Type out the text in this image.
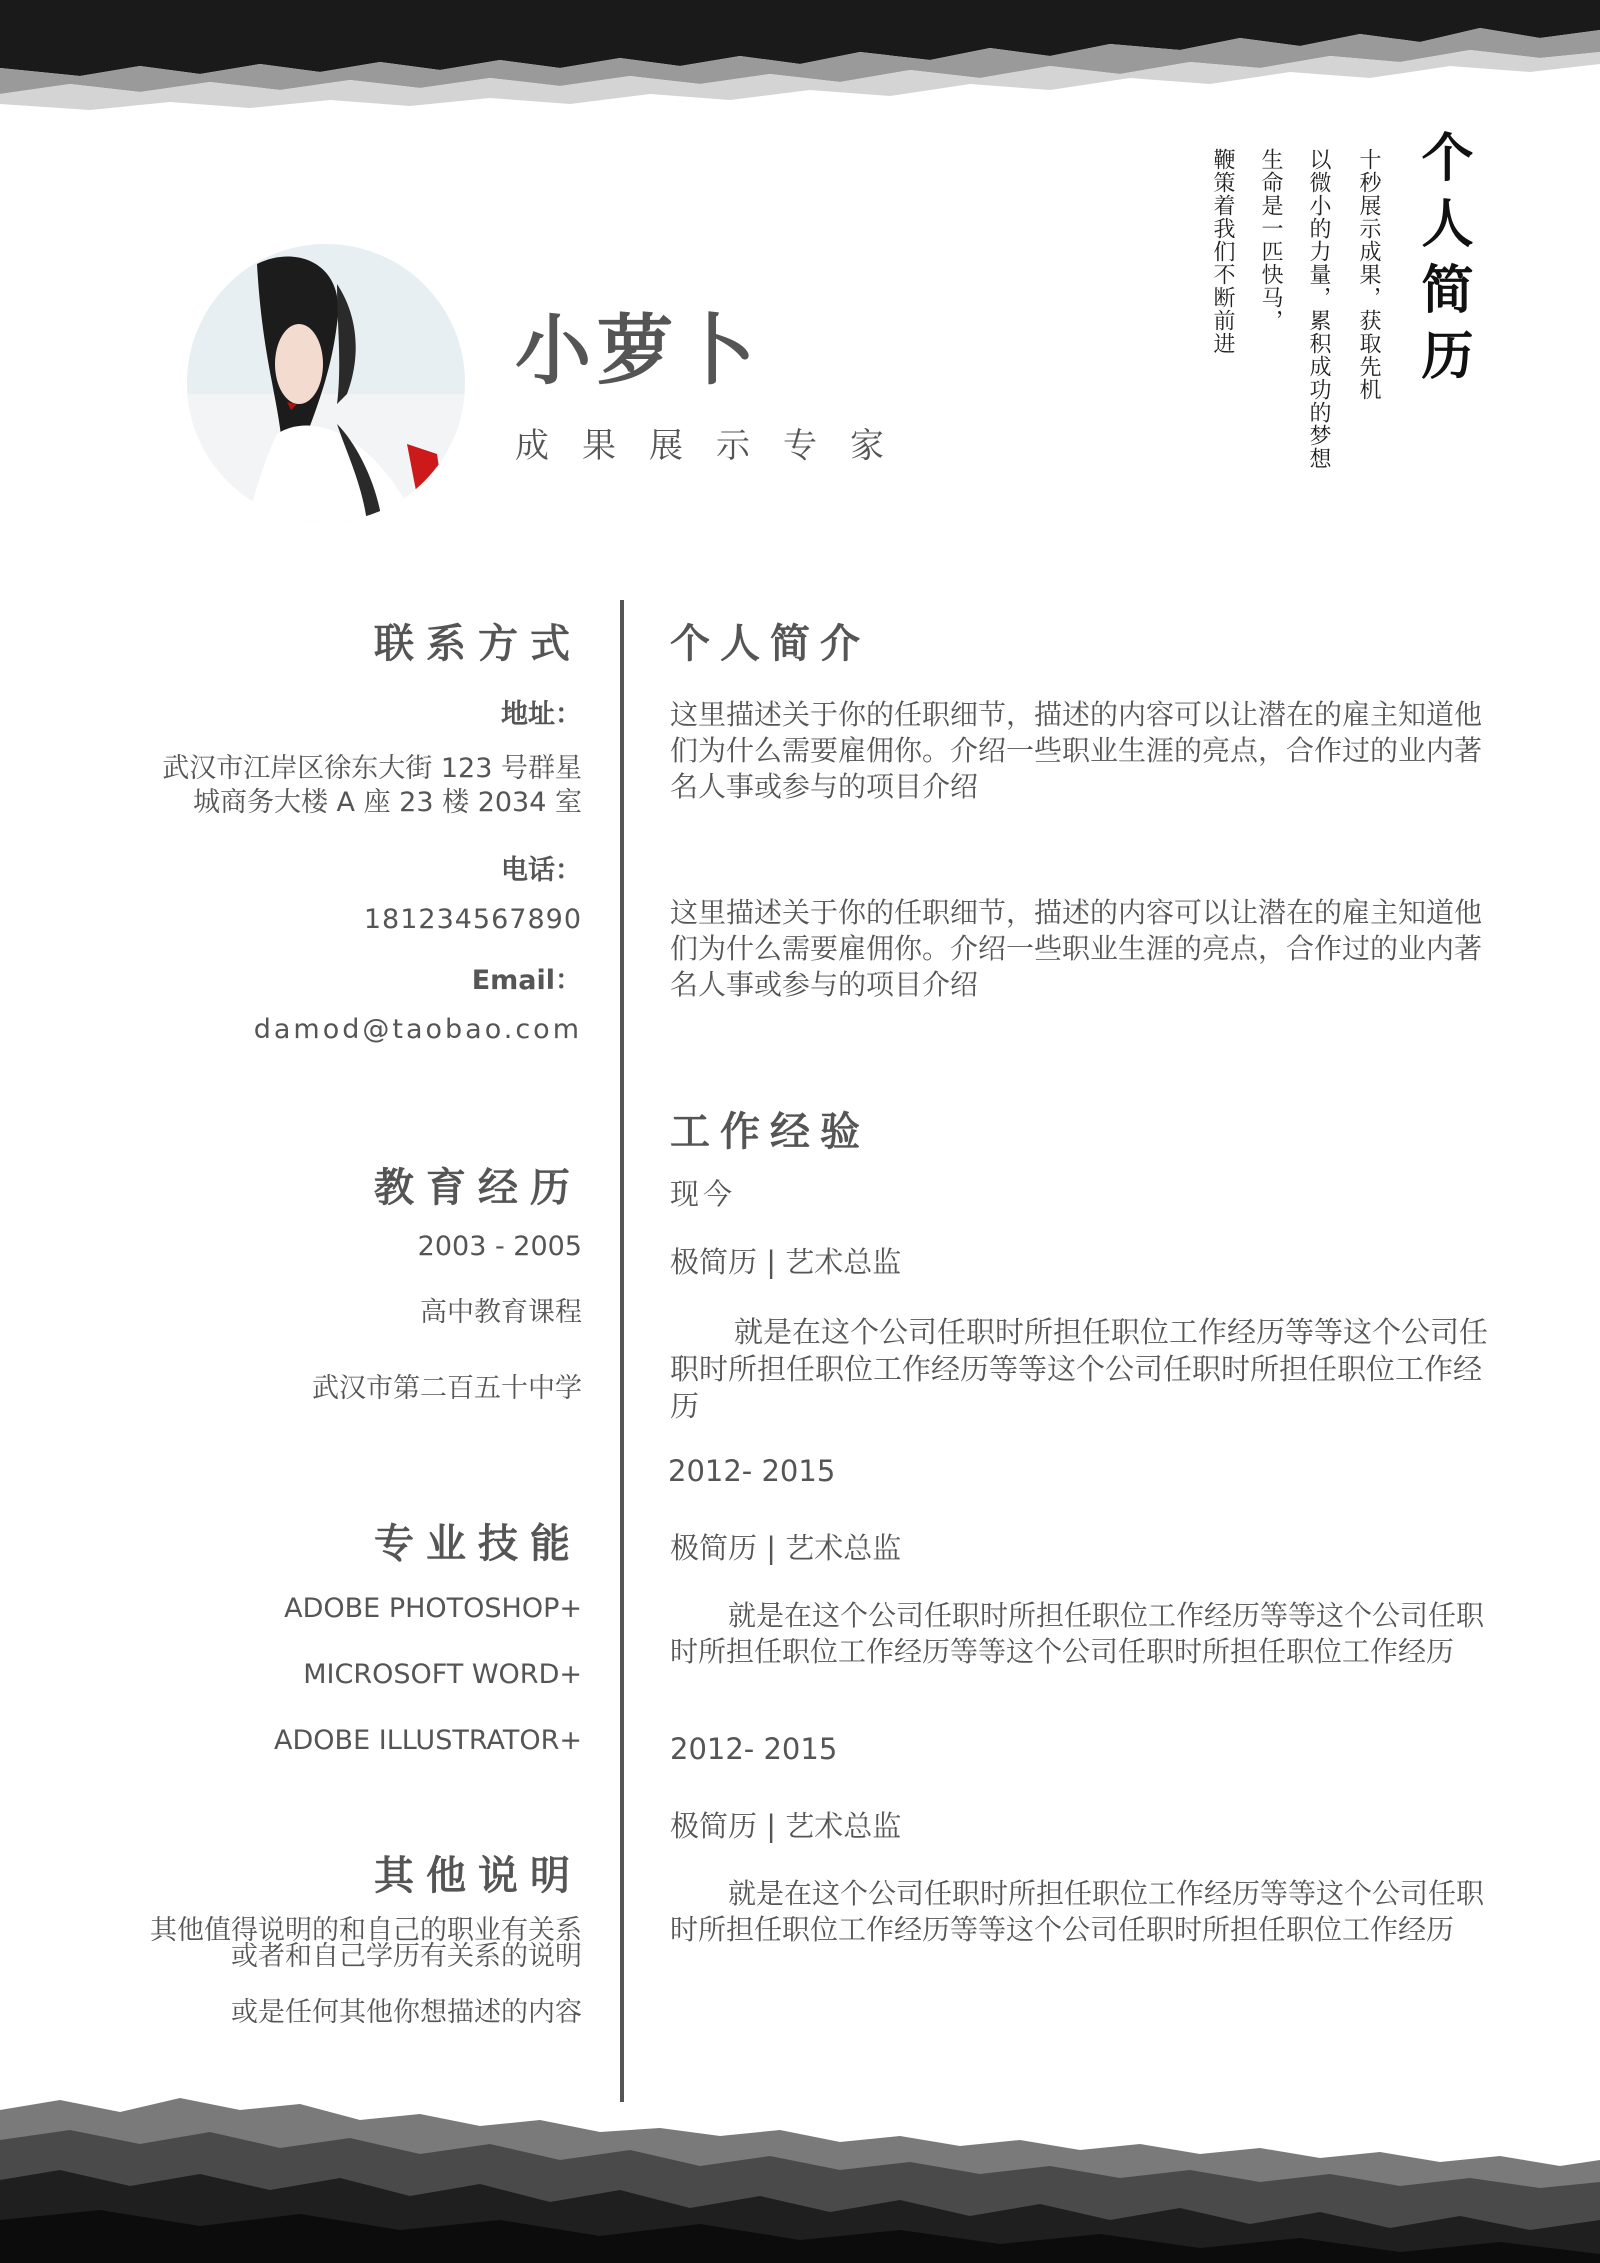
小萝卜
成果展示专家
个人简历
十秒展示成果，获取先机
以微小的力量，累积成功的梦想
生命是一匹快马，
鞭策着我们不断前进
联系方式
地址：
武汉市江岸区徐东大街 123 号群星
城商务大楼 A 座 23 楼 2034 室
电话：
181234567890
Email：
damod@taobao.com
教育经历
2003 - 2005
高中教育课程
武汉市第二百五十中学
专业技能
ADOBE PHOTOSHOP+
MICROSOFT WORD+
ADOBE ILLUSTRATOR+
其他说明
其他值得说明的和自己的职业有关系
或者和自己学历有关系的说明
或是任何其他你想描述的内容
个人简介
这里描述关于你的任职细节，描述的内容可以让潜在的雇主知道他们为什么需要雇佣你。介绍一些职业生涯的亮点，合作过的业内著名人事或参与的项目介绍
这里描述关于你的任职细节，描述的内容可以让潜在的雇主知道他们为什么需要雇佣你。介绍一些职业生涯的亮点，合作过的业内著名人事或参与的项目介绍
工作经验
现今
极简历 | 艺术总监
就是在这个公司任职时所担任职位工作经历等等这个公司任职时所担任职位工作经历等等这个公司任职时所担任职位工作经历
2012- 2015
极简历 | 艺术总监
就是在这个公司任职时所担任职位工作经历等等这个公司任职时所担任职位工作经历等等这个公司任职时所担任职位工作经历
2012- 2015
极简历 | 艺术总监
就是在这个公司任职时所担任职位工作经历等等这个公司任职时所担任职位工作经历等等这个公司任职时所担任职位工作经历
